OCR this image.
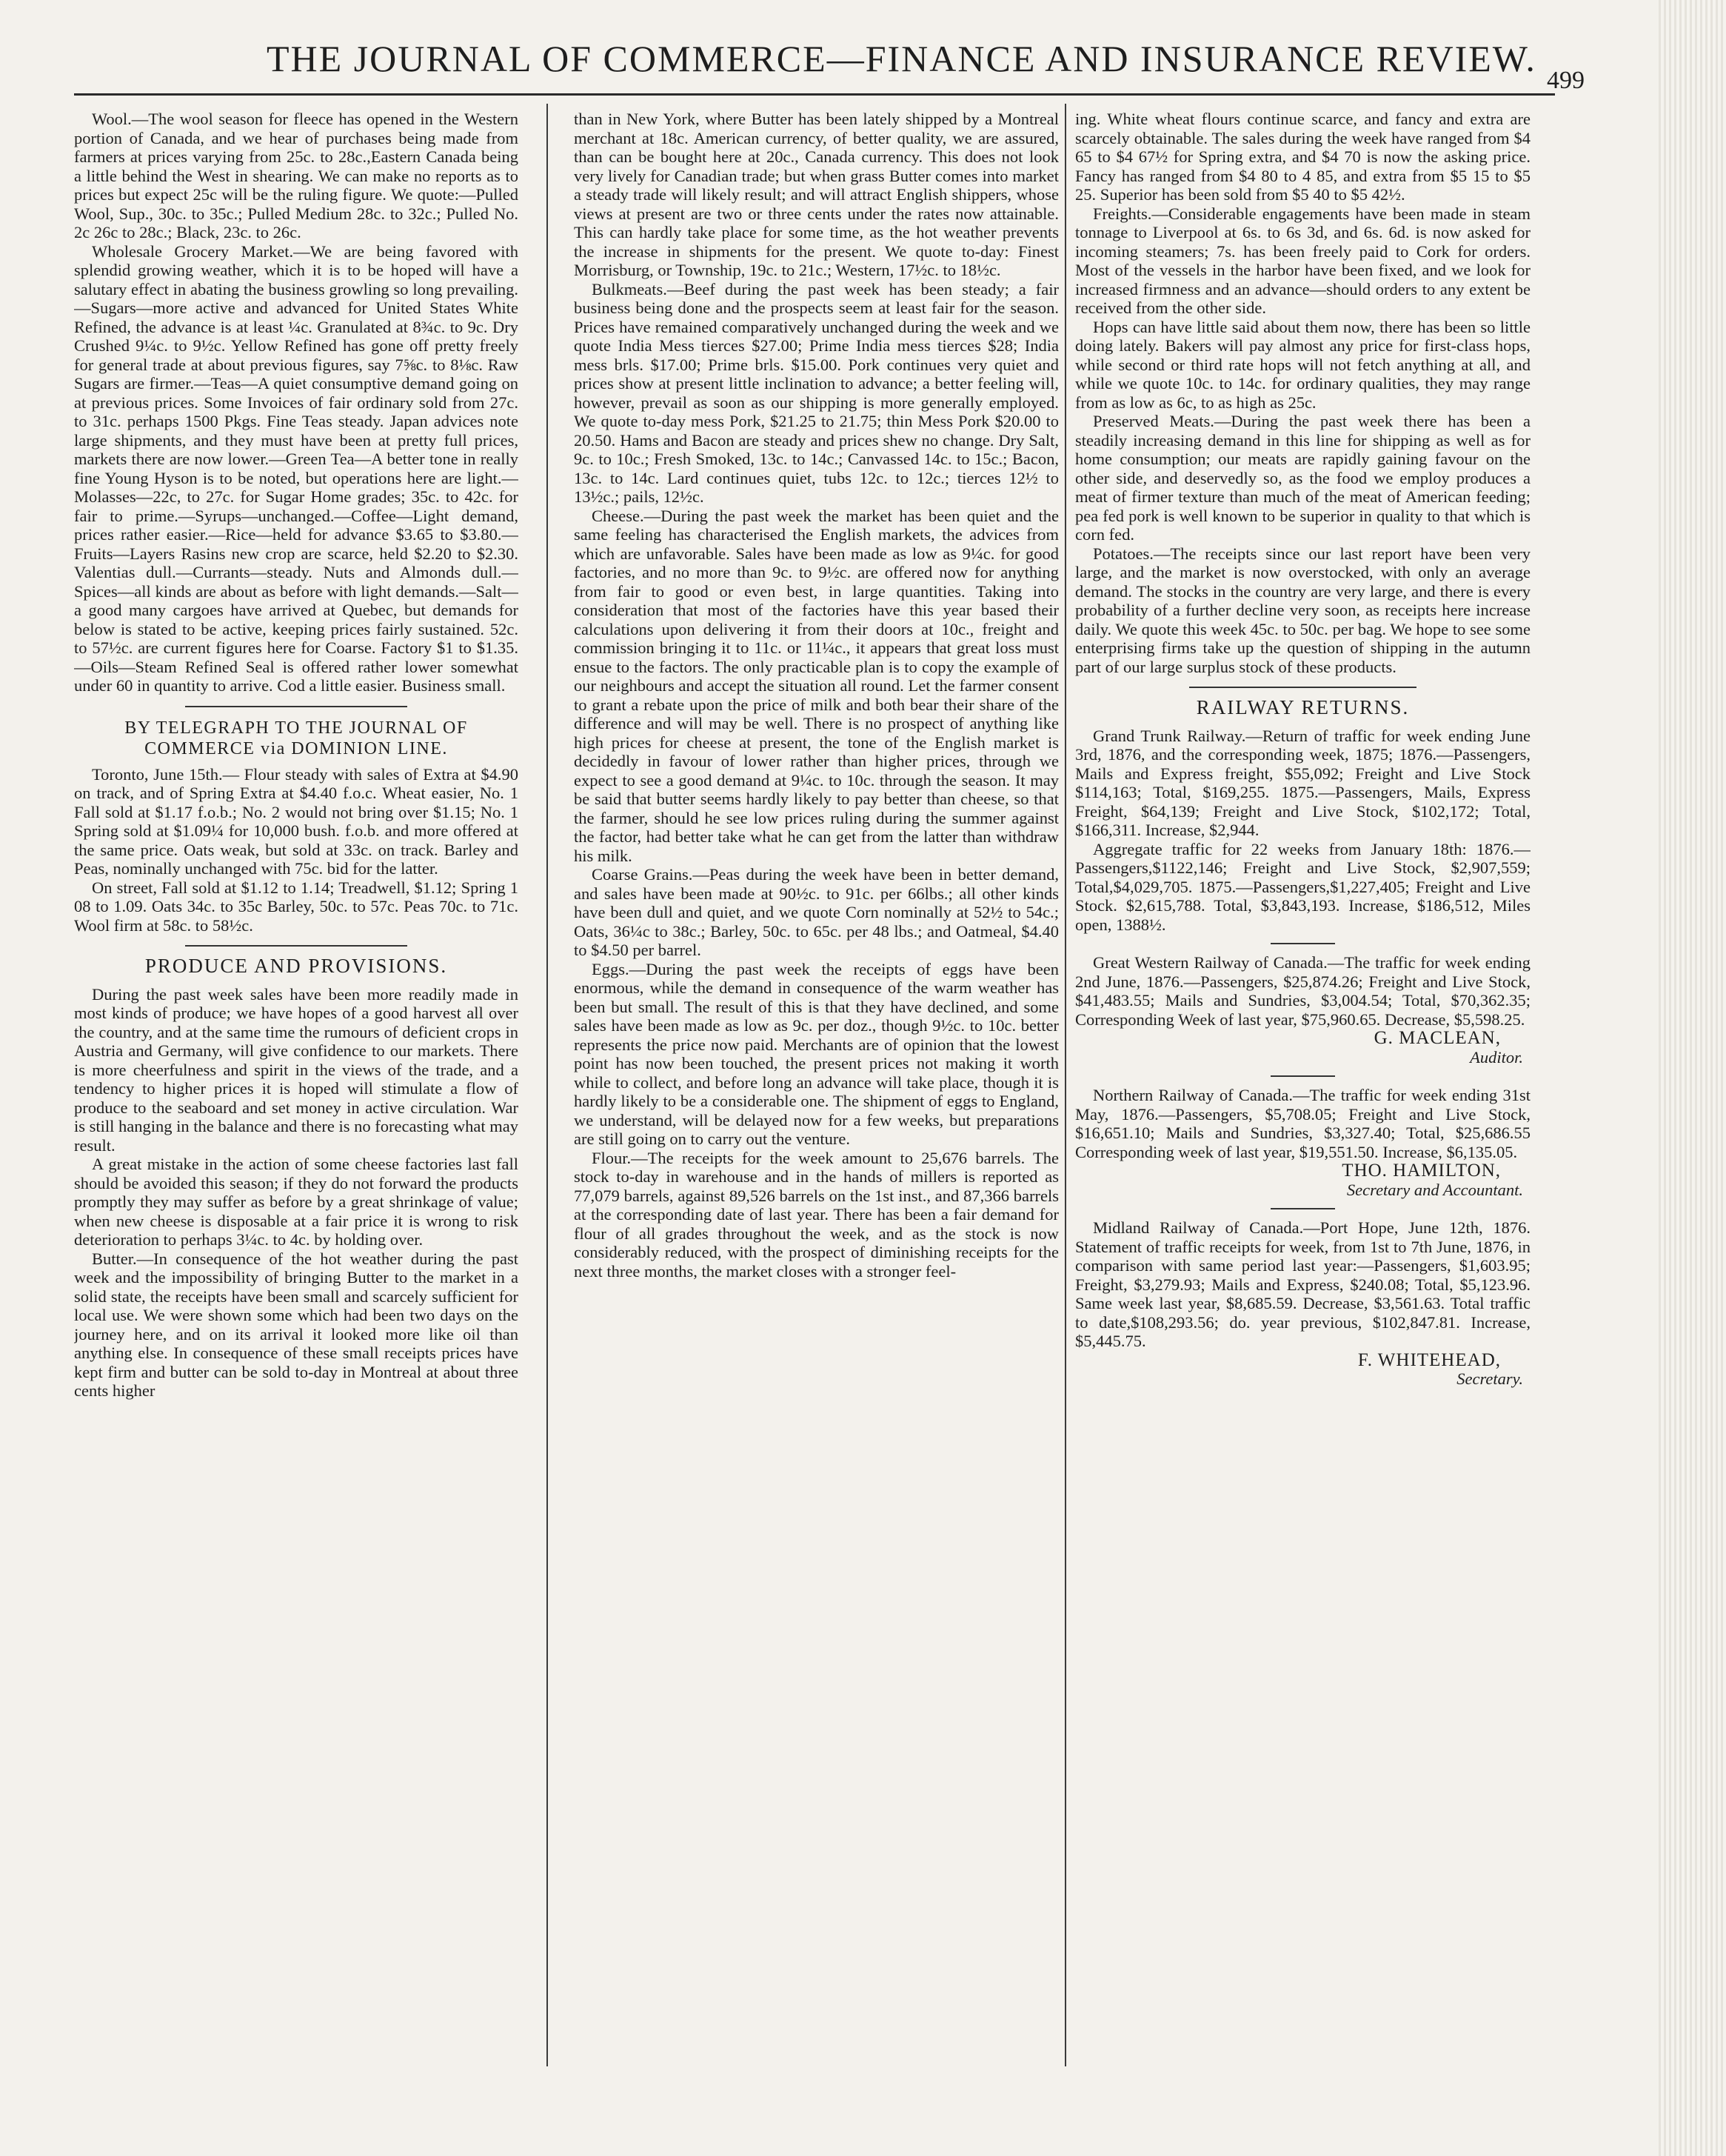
THE JOURNAL OF COMMERCE—FINANCE AND INSURANCE REVIEW.
499

Wool.—The wool season for fleece has opened in the Western portion of Canada, and we hear of purchases being made from farmers at prices varying from 25c. to 28c.,Eastern Canada being a little behind the West in shearing. We can make no reports as to prices but expect 25c will be the ruling figure. We quote:—Pulled Wool, Sup., 30c. to 35c.; Pulled Medium 28c. to 32c.; Pulled No. 2c 26c to 28c.; Black, 23c. to 26c.

Wholesale Grocery Market.—We are being favored with splendid growing weather, which it is to be hoped will have a salutary effect in abating the business growling so long prevailing.—Sugars—more active and advanced for United States White Refined, the advance is at least ¼c. Granulated at 8¾c. to 9c. Dry Crushed 9¼c. to 9½c. Yellow Refined has gone off pretty freely for general trade at about previous figures, say 7⅝c. to 8⅛c. Raw Sugars are firmer.—Teas—A quiet consumptive demand going on at previous prices. Some Invoices of fair ordinary sold from 27c. to 31c. perhaps 1500 Pkgs. Fine Teas steady. Japan advices note large shipments, and they must have been at pretty full prices, markets there are now lower.—Green Tea—A better tone in really fine Young Hyson is to be noted, but operations here are light.—Molasses—22c, to 27c. for Sugar Home grades; 35c. to 42c. for fair to prime.—Syrups—unchanged.—Coffee—Light demand, prices rather easier.—Rice—held for advance $3.65 to $3.80.—Fruits—Layers Rasins new crop are scarce, held $2.20 to $2.30. Valentias dull.—Currants—steady. Nuts and Almonds dull.—Spices—all kinds are about as before with light demands.—Salt—a good many cargoes have arrived at Quebec, but demands for below is stated to be active, keeping prices fairly sustained. 52c. to 57½c. are current figures here for Coarse. Factory $1 to $1.35.—Oils—Steam Refined Seal is offered rather lower somewhat under 60 in quantity to arrive. Cod a little easier. Business small.

BY TELEGRAPH TO THE JOURNAL OF COMMERCE via DOMINION LINE.

Toronto, June 15th.— Flour steady with sales of Extra at $4.90 on track, and of Spring Extra at $4.40 f.o.c. Wheat easier, No. 1 Fall sold at $1.17 f.o.b.; No. 2 would not bring over $1.15; No. 1 Spring sold at $1.09¼ for 10,000 bush. f.o.b. and more offered at the same price. Oats weak, but sold at 33c. on track. Barley and Peas, nominally unchanged with 75c. bid for the latter.

On street, Fall sold at $1.12 to 1.14; Treadwell, $1.12; Spring 1 08 to 1.09. Oats 34c. to 35c Barley, 50c. to 57c. Peas 70c. to 71c. Wool firm at 58c. to 58½c.

PRODUCE AND PROVISIONS.

During the past week sales have been more readily made in most kinds of produce; we have hopes of a good harvest all over the country, and at the same time the rumours of deficient crops in Austria and Germany, will give confidence to our markets. There is more cheerfulness and spirit in the views of the trade, and a tendency to higher prices it is hoped will stimulate a flow of produce to the seaboard and set money in active circulation. War is still hanging in the balance and there is no forecasting what may result.

A great mistake in the action of some cheese factories last fall should be avoided this season; if they do not forward the products promptly they may suffer as before by a great shrinkage of value; when new cheese is disposable at a fair price it is wrong to risk deterioration to perhaps 3¼c. to 4c. by holding over.

Butter.—In consequence of the hot weather during the past week and the impossibility of bringing Butter to the market in a solid state, the receipts have been small and scarcely sufficient for local use. We were shown some which had been two days on the journey here, and on its arrival it looked more like oil than anything else. In consequence of these small receipts prices have kept firm and butter can be sold to-day in Montreal at about three cents higher

than in New York, where Butter has been lately shipped by a Montreal merchant at 18c. American currency, of better quality, we are assured, than can be bought here at 20c., Canada currency. This does not look very lively for Canadian trade; but when grass Butter comes into market a steady trade will likely result; and will attract English shippers, whose views at present are two or three cents under the rates now attainable. This can hardly take place for some time, as the hot weather prevents the increase in shipments for the present. We quote to-day: Finest Morrisburg, or Township, 19c. to 21c.; Western, 17½c. to 18½c.

Bulkmeats.—Beef during the past week has been steady; a fair business being done and the prospects seem at least fair for the season. Prices have remained comparatively unchanged during the week and we quote India Mess tierces $27.00; Prime India mess tierces $28; India mess brls. $17.00; Prime brls. $15.00. Pork continues very quiet and prices show at present little inclination to advance; a better feeling will, however, prevail as soon as our shipping is more generally employed. We quote to-day mess Pork, $21.25 to 21.75; thin Mess Pork $20.00 to 20.50. Hams and Bacon are steady and prices shew no change. Dry Salt, 9c. to 10c.; Fresh Smoked, 13c. to 14c.; Canvassed 14c. to 15c.; Bacon, 13c. to 14c. Lard continues quiet, tubs 12c. to 12c.; tierces 12½ to 13½c.; pails, 12½c.

Cheese.—During the past week the market has been quiet and the same feeling has characterised the English markets, the advices from which are unfavorable. Sales have been made as low as 9¼c. for good factories, and no more than 9c. to 9½c. are offered now for anything from fair to good or even best, in large quantities. Taking into consideration that most of the factories have this year based their calculations upon delivering it from their doors at 10c., freight and commission bringing it to 11c. or 11¼c., it appears that great loss must ensue to the factors. The only practicable plan is to copy the example of our neighbours and accept the situation all round. Let the farmer consent to grant a rebate upon the price of milk and both bear their share of the difference and will may be well. There is no prospect of anything like high prices for cheese at present, the tone of the English market is decidedly in favour of lower rather than higher prices, through we expect to see a good demand at 9¼c. to 10c. through the season. It may be said that butter seems hardly likely to pay better than cheese, so that the farmer, should he see low prices ruling during the summer against the factor, had better take what he can get from the latter than withdraw his milk.

Coarse Grains.—Peas during the week have been in better demand, and sales have been made at 90½c. to 91c. per 66lbs.; all other kinds have been dull and quiet, and we quote Corn nominally at 52½ to 54c.; Oats, 36¼c to 38c.; Barley, 50c. to 65c. per 48 lbs.; and Oatmeal, $4.40 to $4.50 per barrel.

Eggs.—During the past week the receipts of eggs have been enormous, while the demand in consequence of the warm weather has been but small. The result of this is that they have declined, and some sales have been made as low as 9c. per doz., though 9½c. to 10c. better represents the price now paid. Merchants are of opinion that the lowest point has now been touched, the present prices not making it worth while to collect, and before long an advance will take place, though it is hardly likely to be a considerable one. The shipment of eggs to England, we understand, will be delayed now for a few weeks, but preparations are still going on to carry out the venture.

Flour.—The receipts for the week amount to 25,676 barrels. The stock to-day in warehouse and in the hands of millers is reported as 77,079 barrels, against 89,526 barrels on the 1st inst., and 87,366 barrels at the corresponding date of last year. There has been a fair demand for flour of all grades throughout the week, and as the stock is now considerably reduced, with the prospect of diminishing receipts for the next three months, the market closes with a stronger feel-

ing. White wheat flours continue scarce, and fancy and extra are scarcely obtainable. The sales during the week have ranged from $4 65 to $4 67½ for Spring extra, and $4 70 is now the asking price. Fancy has ranged from $4 80 to 4 85, and extra from $5 15 to $5 25. Superior has been sold from $5 40 to $5 42½.

Freights.—Considerable engagements have been made in steam tonnage to Liverpool at 6s. to 6s 3d, and 6s. 6d. is now asked for incoming steamers; 7s. has been freely paid to Cork for orders. Most of the vessels in the harbor have been fixed, and we look for increased firmness and an advance—should orders to any extent be received from the other side.

Hops can have little said about them now, there has been so little doing lately. Bakers will pay almost any price for first-class hops, while second or third rate hops will not fetch anything at all, and while we quote 10c. to 14c. for ordinary qualities, they may range from as low as 6c, to as high as 25c.

Preserved Meats.—During the past week there has been a steadily increasing demand in this line for shipping as well as for home consumption; our meats are rapidly gaining favour on the other side, and deservedly so, as the food we employ produces a meat of firmer texture than much of the meat of American feeding; pea fed pork is well known to be superior in quality to that which is corn fed.

Potatoes.—The receipts since our last report have been very large, and the market is now overstocked, with only an average demand. The stocks in the country are very large, and there is every probability of a further decline very soon, as receipts here increase daily. We quote this week 45c. to 50c. per bag. We hope to see some enterprising firms take up the question of shipping in the autumn part of our large surplus stock of these products.

RAILWAY RETURNS.

Grand Trunk Railway.—Return of traffic for week ending June 3rd, 1876, and the corresponding week, 1875; 1876.—Passengers, Mails and Express freight, $55,092; Freight and Live Stock $114,163; Total, $169,255. 1875.—Passengers, Mails, Express Freight, $64,139; Freight and Live Stock, $102,172; Total, $166,311. Increase, $2,944.

Aggregate traffic for 22 weeks from January 18th: 1876.—Passengers,$1122,146; Freight and Live Stock, $2,907,559; Total,$4,029,705. 1875.—Passengers,$1,227,405; Freight and Live Stock. $2,615,788. Total, $3,843,193. Increase, $186,512, Miles open, 1388½.

Great Western Railway of Canada.—The traffic for week ending 2nd June, 1876.—Passengers, $25,874.26; Freight and Live Stock, $41,483.55; Mails and Sundries, $3,004.54; Total, $70,362.35; Corresponding Week of last year, $75,960.65. Decrease, $5,598.25.

G. MACLEAN,

Auditor.

Northern Railway of Canada.—The traffic for week ending 31st May, 1876.—Passengers, $5,708.05; Freight and Live Stock, $16,651.10; Mails and Sundries, $3,327.40; Total, $25,686.55 Corresponding week of last year, $19,551.50. Increase, $6,135.05.

THO. HAMILTON,

Secretary and Accountant.

Midland Railway of Canada.—Port Hope, June 12th, 1876. Statement of traffic receipts for week, from 1st to 7th June, 1876, in comparison with same period last year:—Passengers, $1,603.95; Freight, $3,279.93; Mails and Express, $240.08; Total, $5,123.96. Same week last year, $8,685.59. Decrease, $3,561.63. Total traffic to date,$108,293.56; do. year previous, $102,847.81. Increase, $5,445.75.

F. WHITEHEAD,

Secretary.
